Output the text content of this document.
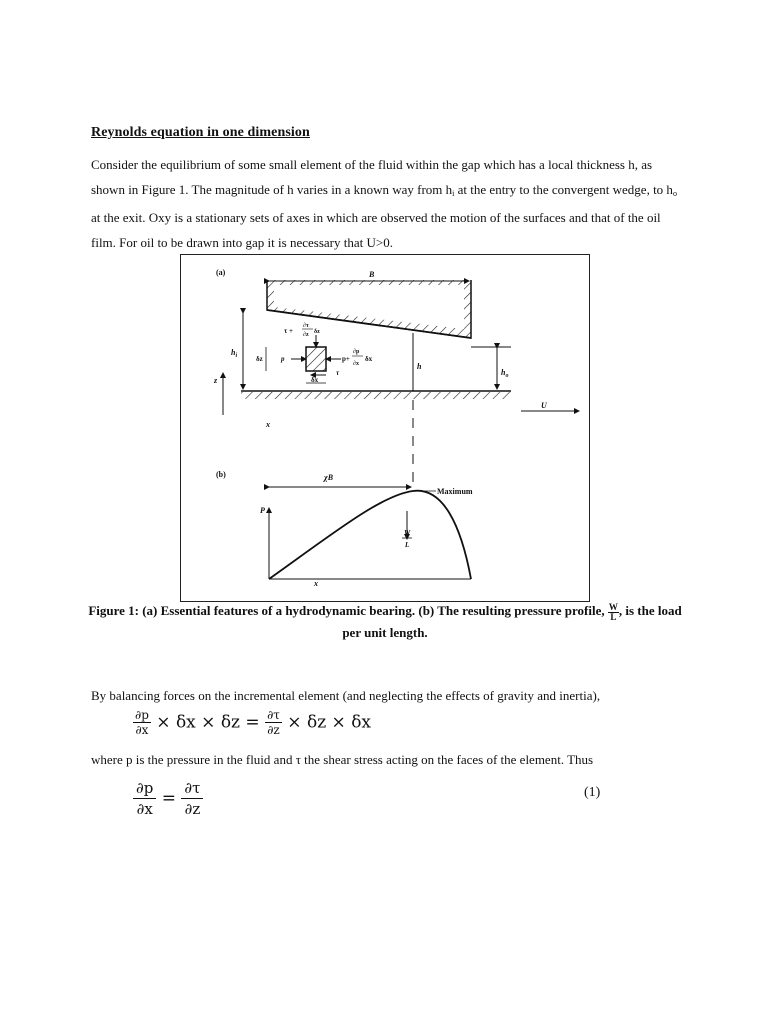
Reynolds equation in one dimension
Consider the equilibrium of some small element of the fluid within the gap which has a local thickness h, as shown in Figure 1. The magnitude of h varies in a known way from $h_i$ at the entry to the convergent wedge, to $h_o$ at the exit. Oxy is a stationary sets of axes in which are observed the motion of the surfaces and that of the oil film. For oil to be drawn into gap it is necessary that U>0.
(a)	B
U
z
x
$h_i$
τ +
∂τ
∂z δz
p
δz	p+
∂p
∂x
δx
τ
δx
h
$h_o$
(b)	χB
P
x
Maximum
W
L
Figure 1: (a) Essential features of a hydrodynamic bearing. (b) The resulting pressure profile, $\frac{W}{L}$ , is the load per unit length.
By balancing forces on the incremental element (and neglecting the effects of gravity and inertia),
$\frac{\partial p}{\partial x} \times \delta x \times \delta z = \frac{\partial\tau}{\partial z} \times \delta z \times \delta x$
where p is the pressure in the fluid and τ the shear stress acting on the faces of the element. Thus
$\frac{\partial p}{\partial x} = \frac{\partial\tau}{\partial z}$	(1)
